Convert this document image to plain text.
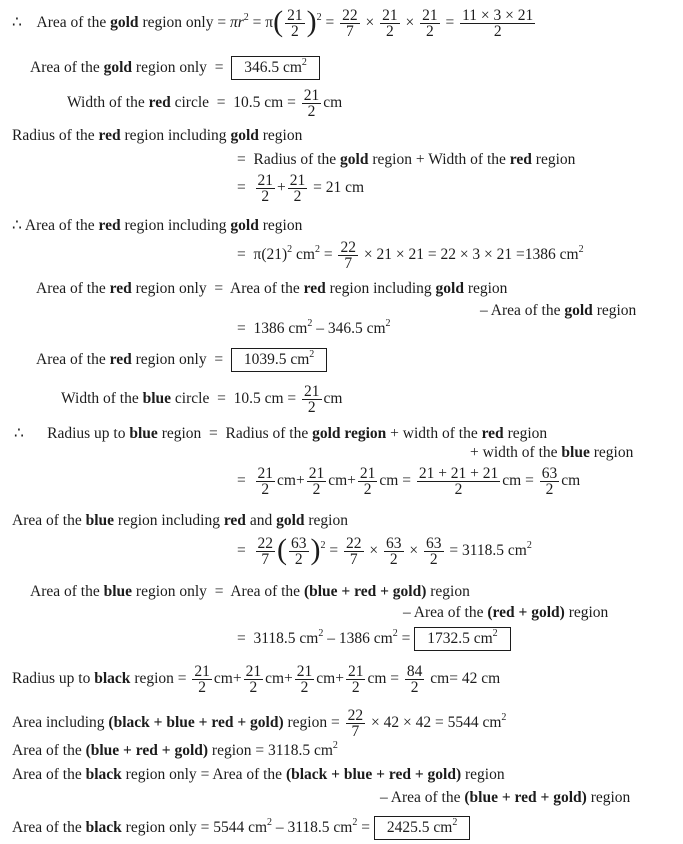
∴ Area of the gold region only = $\pi r^2 = \pi( \frac{21}{2} )^2 = \frac{22}{7} \times \frac{21}{2} \times \frac{21}{2} = \frac{11 \times 3 \times 21}{2}$
Area of the gold region only = 346.5 $cm^2$
Width of the red circle = 10.5 cm = $\frac{21}{2}$ cm
Radius of the red region including gold region
= Radius of the gold region + Width of the red region
= $\frac{21}{2} + \frac{21}{2} = 21$ cm
∴ Area of the red region including gold region
= $\pi(21)^2$ $cm^2 = \frac{22}{7} \times 21 \times 21 = 22 \times 3 \times 21 =1386$ $cm^2$
Area of the red region only = Area of the red region including gold region
– Area of the gold region
= 1386 $cm^2 - 346.5$ $cm^2$
Area of the red region only = 1039.5 $cm^2$
Width of the blue circle = 10.5 cm = $\frac{21}{2}$ cm
∴ Radius up to blue region = Radius of the gold region + width of the red region
+ width of the blue region
= $\frac{21}{2} cm+ \frac{21}{2} cm+ \frac{21}{2}$ cm = $\frac{21 + 21 + 21}{2}$ cm = $\frac{63}{2}$ cm
Area of the blue region including red and gold region
= $\frac{22}{7}$ ( $\frac{63}{2} )^2 = \frac{22}{7} \times \frac{63}{2} \times \frac{63}{2} = 3118.5$ $cm^2$
Area of the blue region only = Area of the (blue + red + gold) region
– Area of the (red + gold) region
= 3118.5 $cm^2 - 1386$ $cm^2 = 1732.5$ $cm^2$
Radius up to black region = $\frac{21}{2} cm+ \frac{21}{2} cm+ \frac{21}{2} cm+ \frac{21}{2}$ cm = $\frac{84}{2} cm= 42$ cm
Area including (black + blue + red + gold) region = $\frac{22}{7} \times 42 \times 42 = 5544$ $cm^2$
Area of the (blue + red + gold) region = 3118.5 $cm^2$
Area of the black region only = Area of the (black + blue + red + gold) region
– Area of the (blue + red + gold) region
Area of the black region only = 5544 $cm^2 - 3118.5$ $cm^2 = 2425.5$ $cm^2$
